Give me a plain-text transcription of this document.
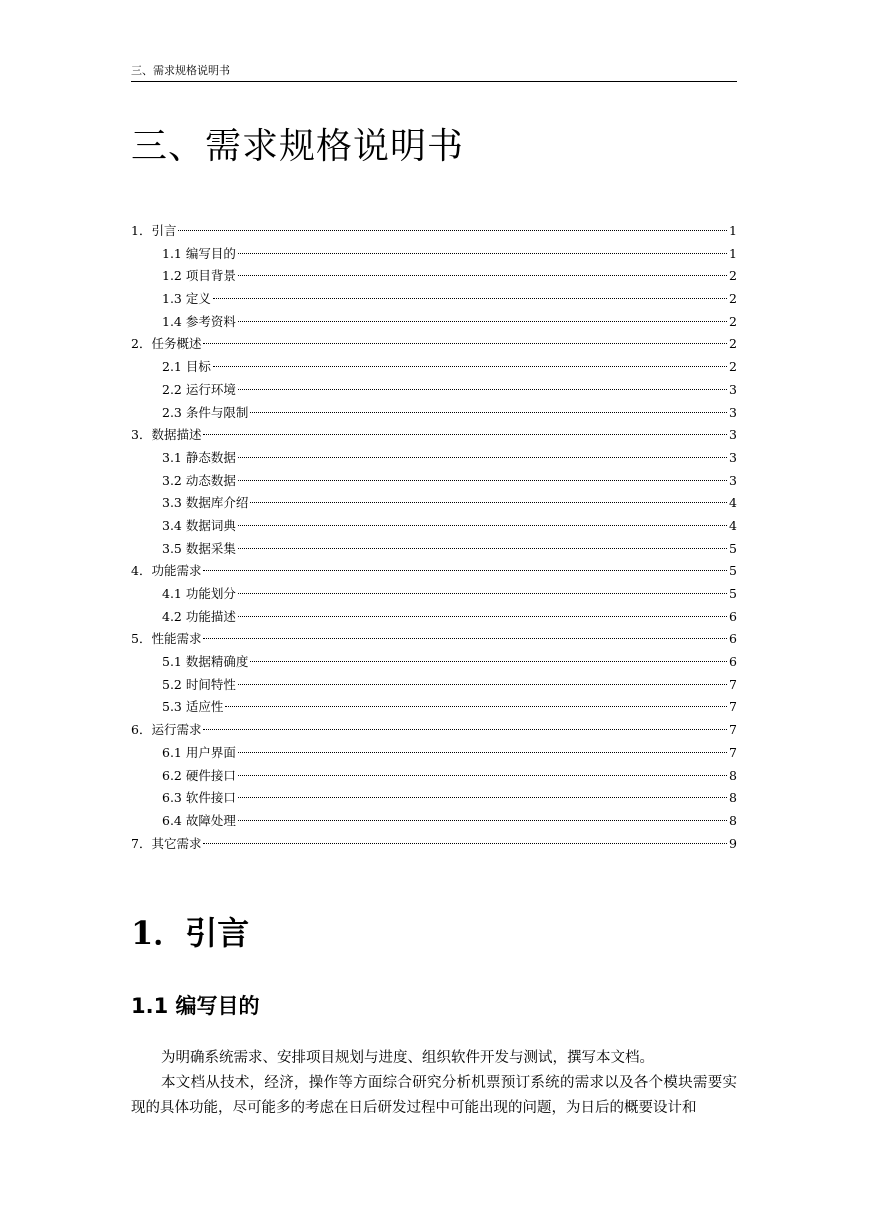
三、需求规格说明书
三、需求规格说明书
1．引言	1
1.1 编写目的	1
1.2 项目背景	2
1.3 定义	2
1.4 参考资料	2
2．任务概述	2
2.1 目标	2
2.2 运行环境	3
2.3 条件与限制	3
3．数据描述	3
3.1 静态数据	3
3.2 动态数据	3
3.3 数据库介绍	4
3.4 数据词典	4
3.5 数据采集	5
4．功能需求	5
4.1 功能划分	5
4.2 功能描述	6
5．性能需求	6
5.1 数据精确度	6
5.2 时间特性	7
5.3 适应性	7
6．运行需求	7
6.1 用户界面	7
6.2 硬件接口	8
6.3 软件接口	8
6.4 故障处理	8
7．其它需求	9
1．引言
1.1 编写目的

为明确系统需求、安排项目规划与进度、组织软件开发与测试，撰写本文档。

本文档从技术，经济，操作等方面综合研究分析机票预订系统的需求以及各个模块需要实现的具体功能，尽可能多的考虑在日后研发过程中可能出现的问题，为日后的概要设计和
